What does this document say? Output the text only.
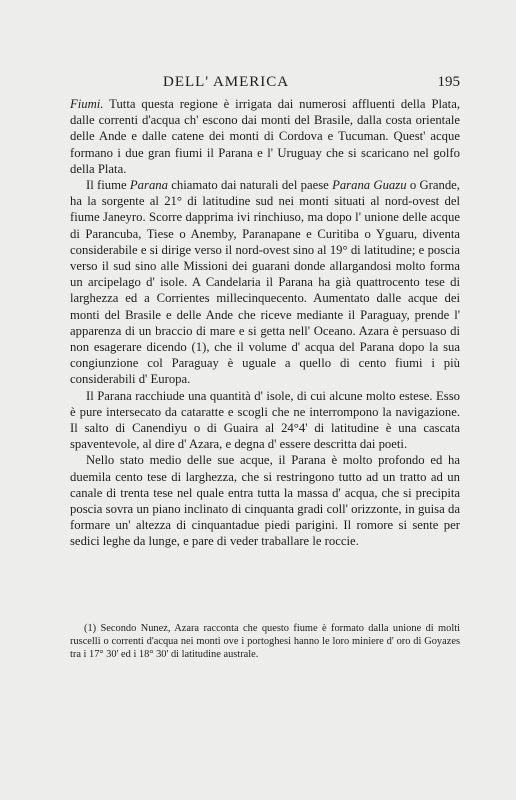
DELL' AMERICA	195

Fiumi. Tutta questa regione è irrigata dai numerosi affluenti della Plata, dalle correnti d'acqua ch' escono dai monti del Brasile, dalla costa orientale delle Ande e dalle catene dei monti di Cordova e Tucuman. Quest' acque formano i due gran fiumi il Parana e l' Uruguay che si scaricano nel golfo della Plata.

Il fiume Parana chiamato dai naturali del paese Parana Guazu o Grande, ha la sorgente al 21° di latitudine sud nei monti situati al nord-ovest del fiume Janeyro. Scorre dapprima ivi rinchiuso, ma dopo l' unione delle acque di Parancuba, Tiese o Anemby, Paranapane e Curitiba o Yguaru, diventa considerabile e si dirige verso il nord-ovest sino al 19° di latitudine; e poscia verso il sud sino alle Missioni dei guarani donde allargandosi molto forma un arcipelago d' isole. A Candelaria il Parana ha già quattrocento tese di larghezza ed a Corrientes millecinquecento. Aumentato dalle acque dei monti del Brasile e delle Ande che riceve mediante il Paraguay, prende l' apparenza di un braccio di mare e si getta nell' Oceano. Azara è persuaso di non esagerare dicendo (1), che il volume d' acqua del Parana dopo la sua congiunzione col Paraguay è uguale a quello di cento fiumi i più considerabili d' Europa.

Il Parana racchiude una quantità d' isole, di cui alcune molto estese. Esso è pure intersecato da cataratte e scogli che ne interrompono la navigazione. Il salto di Canendiyu o di Guaira al 24°4' di latitudine è una cascata spaventevole, al dire d' Azara, e degna d' essere descritta dai poeti.

Nello stato medio delle sue acque, il Parana è molto profondo ed ha duemila cento tese di larghezza, che si restringono tutto ad un tratto ad un canale di trenta tese nel quale entra tutta la massa d' acqua, che si precipita poscia sovra un piano inclinato di cinquanta gradi coll' orizzonte, in guisa da formare un' altezza di cinquantadue piedi parigini. Il romore si sente per sedici leghe da lunge, e pare di veder traballare le roccie.

(1) Secondo Nunez, Azara racconta che questo fiume è formato dalla unione di molti ruscelli o correnti d'acqua nei monti ove i portoghesi hanno le loro miniere d' oro di Goyazes tra i 17° 30' ed i 18° 30' di latitudine australe.
